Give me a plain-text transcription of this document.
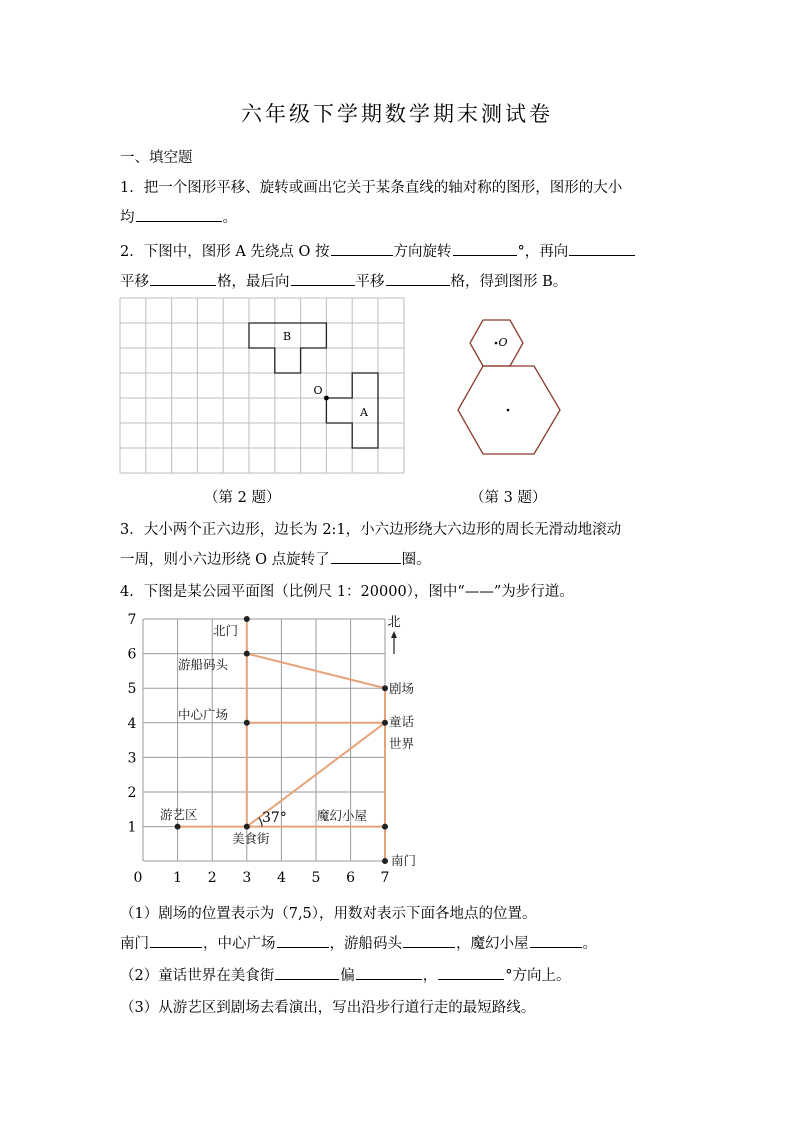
六年级下学期数学期末测试卷
一、填空题
1．把一个图形平移、旋转或画出它关于某条直线的轴对称的图形，图形的大小
均	。
2．下图中，图形 A 先绕点 O 按	方向旋转	°，再向
平移	格，最后向	平移	格，得到图形 B。
B
A
O
O
（第 2 题）	（第 3 题）
3．大小两个正六边形，边长为 2:1，小六边形绕大六边形的周长无滑动地滚动
一周，则小六边形绕 O 点旋转了	圈。
4．下图是某公园平面图（比例尺 1：20000），图中“——”为步行道。
37°
0 1 2 3 4 5 6 7
1
2
3
4
5
6
7
北门
游船码头
剧场
中心广场	童话
世界
游艺区	魔幻小屋
美食街
南门
北
（1）剧场的位置表示为（7,5），用数对表示下面各地点的位置。
南门	，中心广场	，游船码头	，魔幻小屋	。
（2）童话世界在美食街	偏	，	°方向上。
（3）从游艺区到剧场去看演出，写出沿步行道行走的最短路线。
